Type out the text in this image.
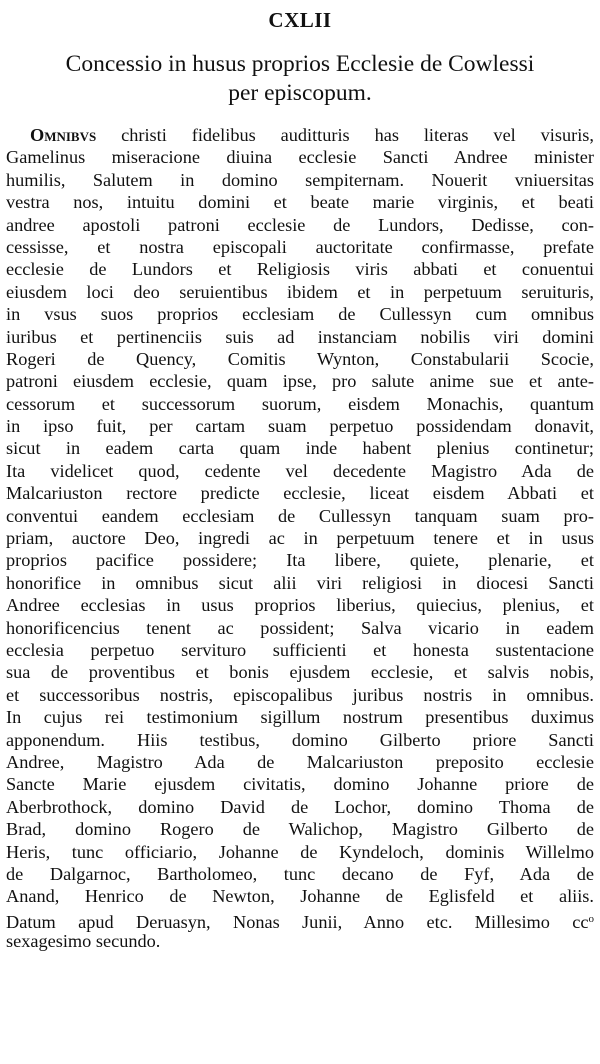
CXLII
Concessio in husus proprios Ecclesie de Cowlessi
per episcopum.
Omnibvs christi fidelibus auditturis has literas vel visuris,
Gamelinus miseracione diuina ecclesie Sancti Andree minister
humilis, Salutem in domino sempiternam. Nouerit vniuersitas
vestra nos, intuitu domini et beate marie virginis, et beati
andree apostoli patroni ecclesie de Lundors, Dedisse, con-
cessisse, et nostra episcopali auctoritate confirmasse, prefate
ecclesie de Lundors et Religiosis viris abbati et conuentui
eiusdem loci deo seruientibus ibidem et in perpetuum seruituris,
in vsus suos proprios ecclesiam de Cullessyn cum omnibus
iuribus et pertinenciis suis ad instanciam nobilis viri domini
Rogeri de Quency, Comitis Wynton, Constabularii Scocie,
patroni eiusdem ecclesie, quam ipse, pro salute anime sue et ante-
cessorum et successorum suorum, eisdem Monachis, quantum
in ipso fuit, per cartam suam perpetuo possidendam donavit,
sicut in eadem carta quam inde habent plenius continetur;
Ita videlicet quod, cedente vel decedente Magistro Ada de
Malcariuston rectore predicte ecclesie, liceat eisdem Abbati et
conventui eandem ecclesiam de Cullessyn tanquam suam pro-
priam, auctore Deo, ingredi ac in perpetuum tenere et in usus
proprios pacifice possidere; Ita libere, quiete, plenarie, et
honorifice in omnibus sicut alii viri religiosi in diocesi Sancti
Andree ecclesias in usus proprios liberius, quiecius, plenius, et
honorificencius tenent ac possident; Salva vicario in eadem
ecclesia perpetuo servituro sufficienti et honesta sustentacione
sua de proventibus et bonis ejusdem ecclesie, et salvis nobis,
et successoribus nostris, episcopalibus juribus nostris in omnibus.
In cujus rei testimonium sigillum nostrum presentibus duximus
apponendum. Hiis testibus, domino Gilberto priore Sancti
Andree, Magistro Ada de Malcariuston preposito ecclesie
Sancte Marie ejusdem civitatis, domino Johanne priore de
Aberbrothock, domino David de Lochor, domino Thoma de
Brad, domino Rogero de Walichop, Magistro Gilberto de
Heris, tunc officiario, Johanne de Kyndeloch, dominis Willelmo
de Dalgarnoc, Bartholomeo, tunc decano de Fyf, Ada de
Anand, Henrico de Newton, Johanne de Eglisfeld et aliis.
Datum apud Deruasyn, Nonas Junii, Anno etc. Millesimo $cc^o$
sexagesimo secundo.
